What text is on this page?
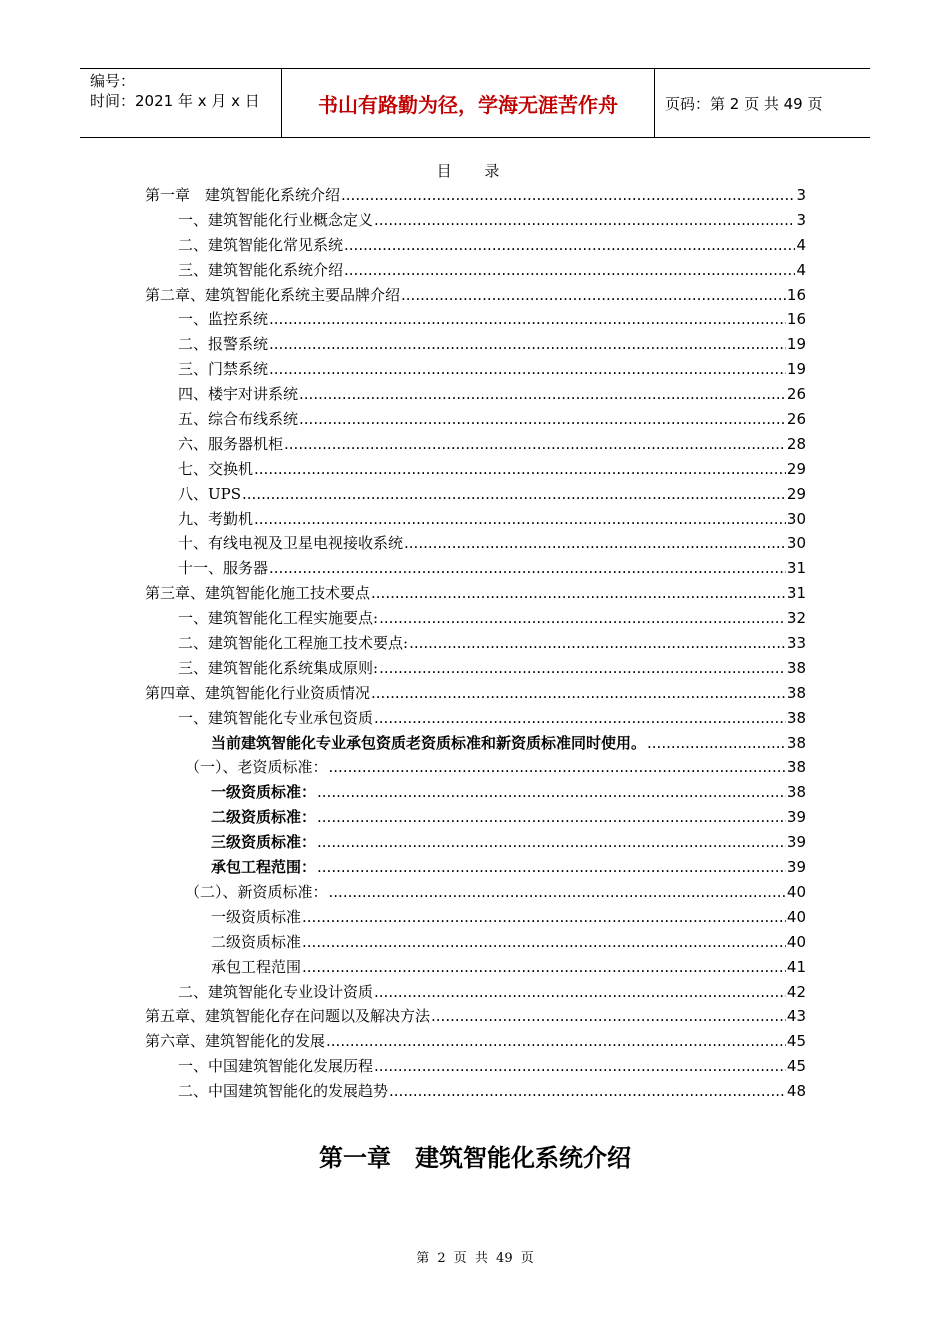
编号：
时间：2021 年 x 月 x 日	书山有路勤为径，学海无涯苦作舟	页码：第 2 页 共 49 页
目 录
第一章　建筑智能化系统介绍 .....	3
一、建筑智能化行业概念定义 .....	3
二、建筑智能化常见系统 .....	4
三、建筑智能化系统介绍 .....	4
第二章、建筑智能化系统主要品牌介绍 .....	16
一、监控系统 .....	16
二、报警系统 .....	19
三、门禁系统 .....	19
四、楼宇对讲系统 .....	26
五、综合布线系统 .....	26
六、服务器机柜 .....	28
七、交换机 .....	29
八、UPS .....	29
九、考勤机 .....	30
十、有线电视及卫星电视接收系统 .....	30
十一、服务器 .....	31
第三章、建筑智能化施工技术要点 .....	31
一、建筑智能化工程实施要点: .....	32
二、建筑智能化工程施工技术要点: .....	33
三、建筑智能化系统集成原则: .....	38
第四章、建筑智能化行业资质情况 .....	38
一、建筑智能化专业承包资质 .....	38
当前建筑智能化专业承包资质老资质标准和新资质标准同时使用。 .....	38
（一）、老资质标准： .....	38
一级资质标准： .....	38
二级资质标准： .....	39
三级资质标准： .....	39
承包工程范围： .....	39
（二）、新资质标准： .....	40
一级资质标准 .....	40
二级资质标准 .....	40
承包工程范围 .....	41
二、建筑智能化专业设计资质 .....	42
第五章、建筑智能化存在问题以及解决方法 .....	43
第六章、建筑智能化的发展 .....	45
一、中国建筑智能化发展历程 .....	45
二、中国建筑智能化的发展趋势 .....	48
第一章　建筑智能化系统介绍
第 2 页 共 49 页
